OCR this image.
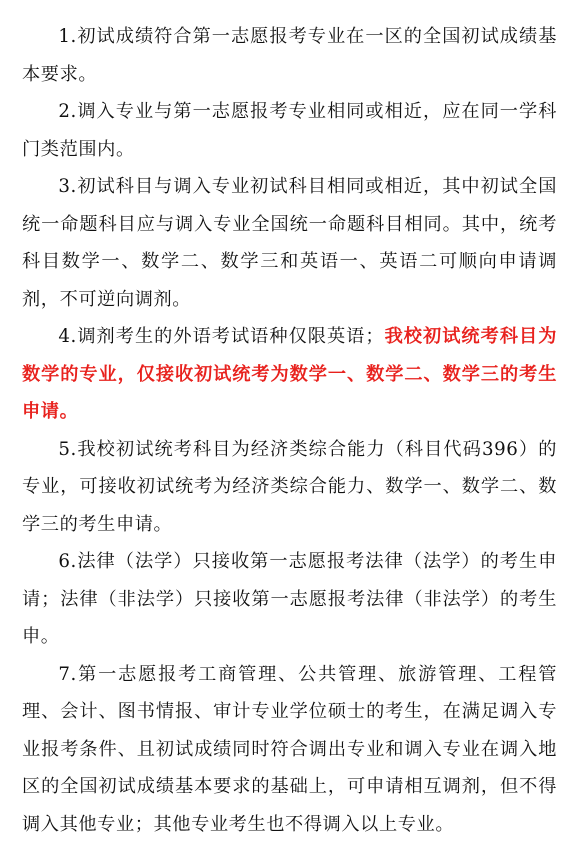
1.初试成绩符合第一志愿报考专业在一区的全国初试成绩基本要求。

2.调入专业与第一志愿报考专业相同或相近，应在同一学科门类范围内。

3.初试科目与调入专业初试科目相同或相近，其中初试全国统一命题科目应与调入专业全国统一命题科目相同。其中，统考科目数学一、数学二、数学三和英语一、英语二可顺向申请调剂，不可逆向调剂。

4.调剂考生的外语考试语种仅限英语；我校初试统考科目为数学的专业，仅接收初试统考为数学一、数学二、数学三的考生申请。

5.我校初试统考科目为经济类综合能力（科目代码396）的专业，可接收初试统考为经济类综合能力、数学一、数学二、数学三的考生申请。

6.法律（法学）只接收第一志愿报考法律（法学）的考生申请；法律（非法学）只接收第一志愿报考法律（非法学）的考生申。

7.第一志愿报考工商管理、公共管理、旅游管理、工程管理、会计、图书情报、审计专业学位硕士的考生，在满足调入专业报考条件、且初试成绩同时符合调出专业和调入专业在调入地区的全国初试成绩基本要求的基础上，可申请相互调剂，但不得调入其他专业；其他专业考生也不得调入以上专业。
